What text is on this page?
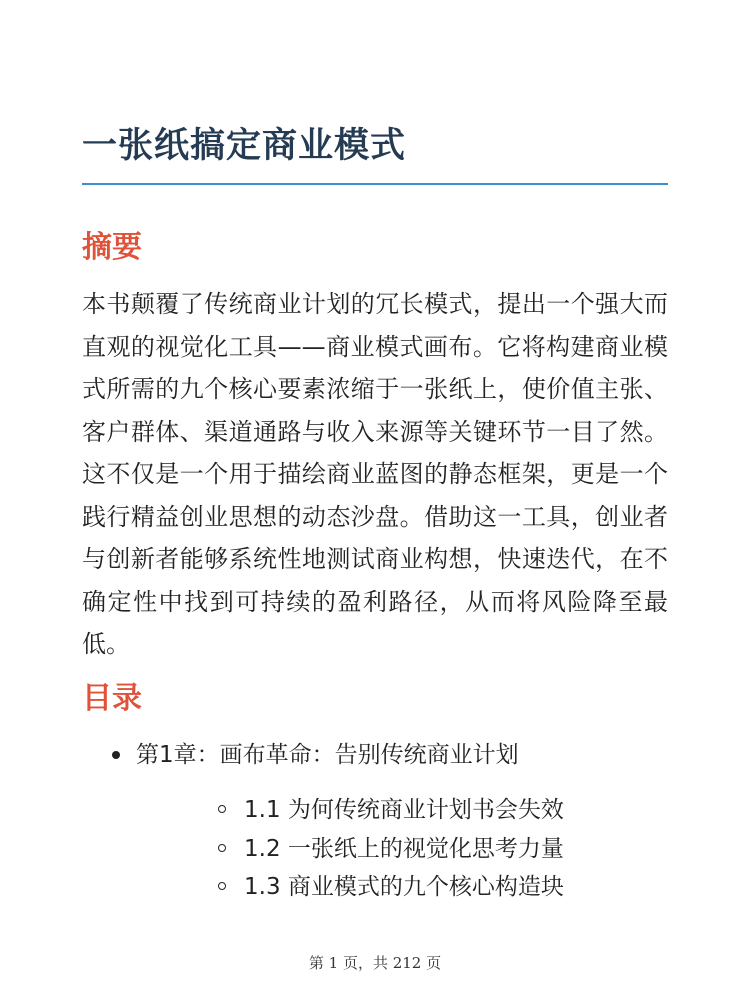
一张纸搞定商业模式
摘要

本书颠覆了传统商业计划的冗长模式，提出一个强大而直观的视觉化工具——商业模式画布。它将构建商业模式所需的九个核心要素浓缩于一张纸上，使价值主张、客户群体、渠道通路与收入来源等关键环节一目了然。这不仅是一个用于描绘商业蓝图的静态框架，更是一个践行精益创业思想的动态沙盘。借助这一工具，创业者与创新者能够系统性地测试商业构想，快速迭代，在不确定性中找到可持续的盈利路径，从而将风险降至最低。

目录
第1章：画布革命：告别传统商业计划
1.1 为何传统商业计划书会失效
1.2 一张纸上的视觉化思考力量
1.3 商业模式的九个核心构造块
第 1 页，共 212 页
